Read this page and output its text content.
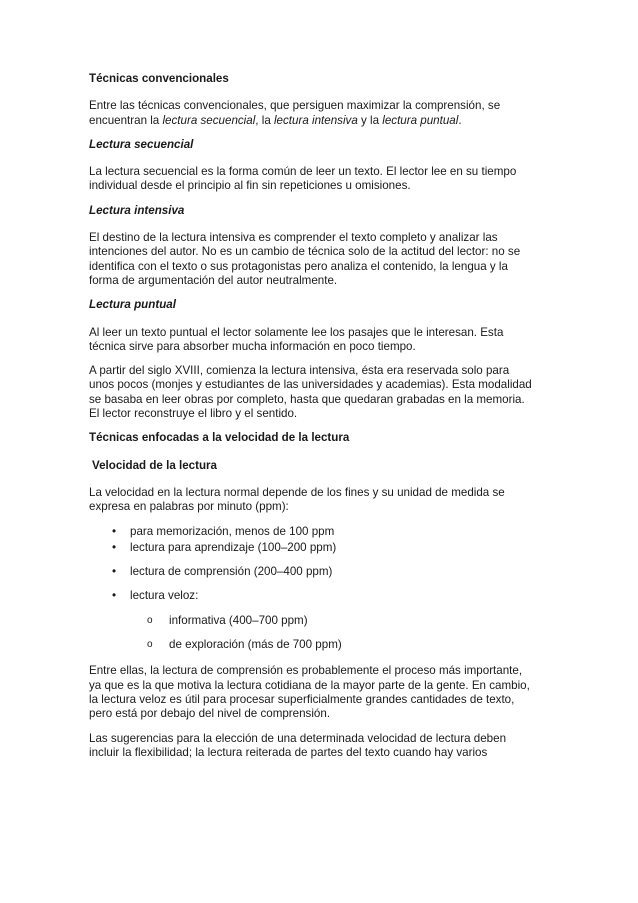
Técnicas convencionales

Entre las técnicas convencionales, que persiguen maximizar la comprensión, se

encuentran la lectura secuencial, la lectura intensiva y la lectura puntual.

Lectura secuencial

La lectura secuencial es la forma común de leer un texto. El lector lee en su tiempo

individual desde el principio al fin sin repeticiones u omisiones.

Lectura intensiva

El destino de la lectura intensiva es comprender el texto completo y analizar las

intenciones del autor. No es un cambio de técnica solo de la actitud del lector: no se

identifica con el texto o sus protagonistas pero analiza el contenido, la lengua y la

forma de argumentación del autor neutralmente.

Lectura puntual

Al leer un texto puntual el lector solamente lee los pasajes que le interesan. Esta

técnica sirve para absorber mucha información en poco tiempo.

A partir del siglo XVIII, comienza la lectura intensiva, ésta era reservada solo para

unos pocos (monjes y estudiantes de las universidades y academias). Esta modalidad

se basaba en leer obras por completo, hasta que quedaran grabadas en la memoria.

El lector reconstruye el libro y el sentido.

Técnicas enfocadas a la velocidad de la lectura

Velocidad de la lectura

La velocidad en la lectura normal depende de los fines y su unidad de medida se

expresa en palabras por minuto (ppm):

• para memorización, menos de 100 ppm
• lectura para aprendizaje (100–200 ppm)
• lectura de comprensión (200–400 ppm)
• lectura veloz:
o informativa (400–700 ppm)
o de exploración (más de 700 ppm)

Entre ellas, la lectura de comprensión es probablemente el proceso más importante,

ya que es la que motiva la lectura cotidiana de la mayor parte de la gente. En cambio,

la lectura veloz es útil para procesar superficialmente grandes cantidades de texto,

pero está por debajo del nivel de comprensión.

Las sugerencias para la elección de una determinada velocidad de lectura deben

incluir la flexibilidad; la lectura reiterada de partes del texto cuando hay varios
